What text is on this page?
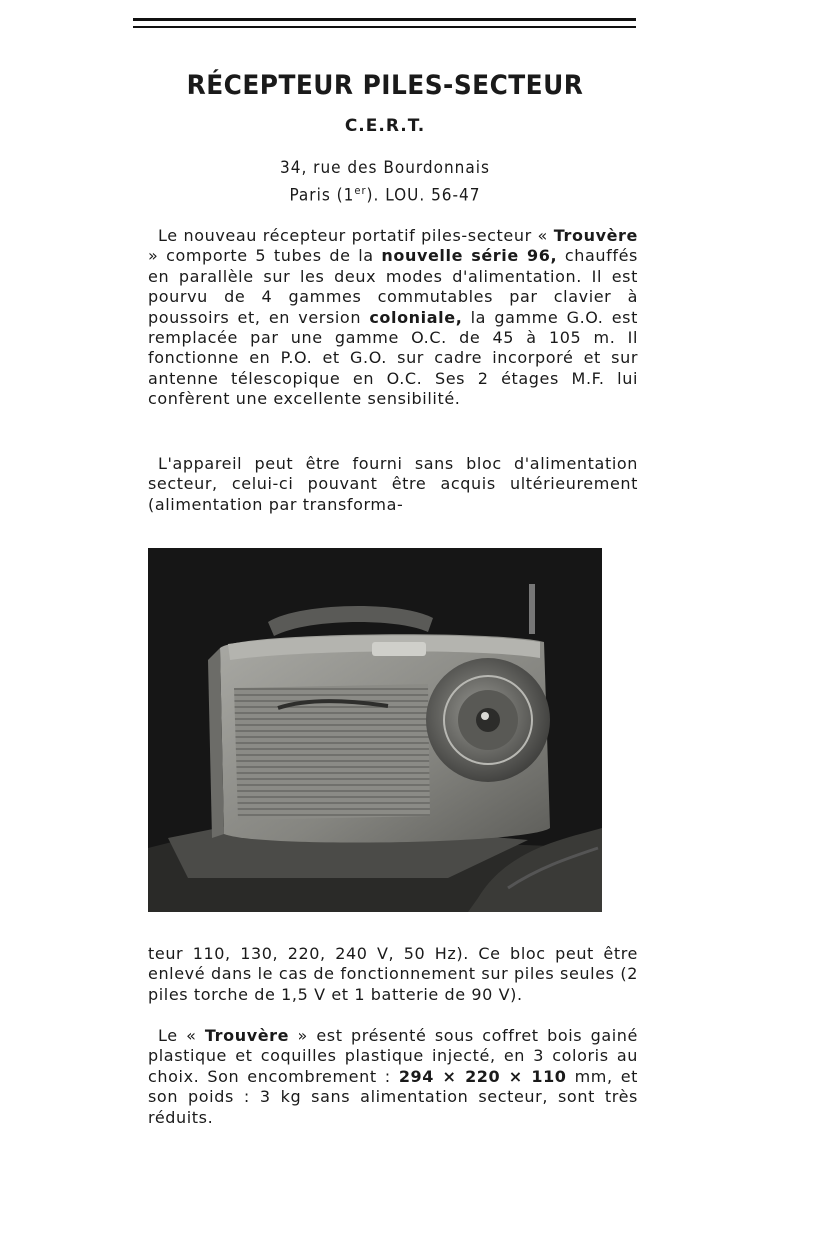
RÉCEPTEUR PILES-SECTEUR
C.E.R.T.
34, rue des Bourdonnais
Paris (1er). LOU. 56-47

Le nouveau récepteur portatif piles-secteur « Trouvère » comporte 5 tubes de la nouvelle série 96, chauffés en parallèle sur les deux modes d'alimentation. Il est pourvu de 4 gammes commutables par clavier à poussoirs et, en version coloniale, la gamme G.O. est remplacée par une gamme O.C. de 45 à 105 m. Il fonctionne en P.O. et G.O. sur cadre incorporé et sur antenne télescopique en O.C. Ses 2 étages M.F. lui confèrent une excellente sensibilité.

L'appareil peut être fourni sans bloc d'alimentation secteur, celui-ci pouvant être acquis ultérieurement (alimentation par transforma-

teur 110, 130, 220, 240 V, 50 Hz). Ce bloc peut être enlevé dans le cas de fonctionnement sur piles seules (2 piles torche de 1,5 V et 1 batterie de 90 V).

Le « Trouvère » est présenté sous coffret bois gainé plastique et coquilles plastique injecté, en 3 coloris au choix. Son encombrement : 294 × 220 × 110 mm, et son poids : 3 kg sans alimentation secteur, sont très réduits.
